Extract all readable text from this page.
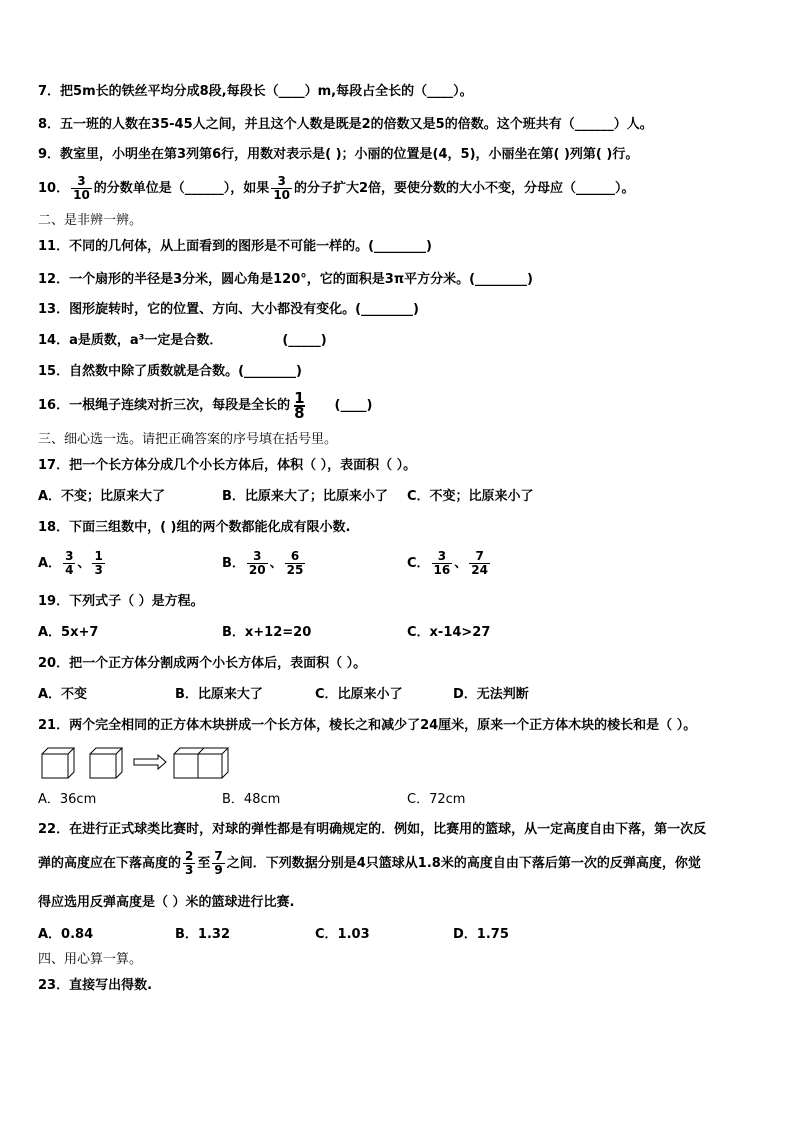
7．把5m长的铁丝平均分成8段,每段长（____）m,每段占全长的（____）。
8．五一班的人数在35-45人之间，并且这个人数是既是2的倍数又是5的倍数。这个班共有（______）人。
9．教室里，小明坐在第3列第6行，用数对表示是( )；小丽的位置是(4，5)，小丽坐在第( )列第( )行。
10． $\frac{3}{10}$ 的分数单位是（______），如果 $\frac{3}{10}$ 的分子扩大2倍，要使分数的大小不变，分母应（______）。
二、是非辨一辨。
11．不同的几何体，从上面看到的图形是不可能一样的。(________)
12．一个扇形的半径是3分米，圆心角是120°，它的面积是3π平方分米。(________)
13．图形旋转时，它的位置、方向、大小都没有变化。(________)
14．a是质数，a³一定是合数．	(_____)
15．自然数中除了质数就是合数。(________)
16．一根绳子连续对折三次，每段是全长的 $\frac{1}{8}$ (____)
三、细心选一选。请把正确答案的序号填在括号里。
17．把一个长方体分成几个小长方体后，体积（ ），表面积（ ）。
A．不变；比原来大了	B．比原来大了；比原来小了 C．不变；比原来小了
18．下面三组数中，( )组的两个数都能化成有限小数.
A． $\frac{3}{4}$ 、 $\frac{1}{3}$	B． $\frac{3}{20}$ 、 $\frac{6}{25}$	C． $\frac{3}{16}$ 、 $\frac{7}{24}$
19．下列式子（ ）是方程。
A．5x+7	B．x+12=20	C．x-14>27
20．把一个正方体分割成两个小长方体后，表面积（ ）。
A．不变	B．比原来大了	C．比原来小了	D．无法判断
21．两个完全相同的正方体木块拼成一个长方体，棱长之和减少了24厘米，原来一个正方体木块的棱长和是（ ）。
A．36cm	B．48cm	C．72cm
22．在进行正式球类比赛时，对球的弹性都是有明确规定的．例如，比赛用的篮球，从一定高度自由下落，第一次反
弹的高度应在下落高度的 $\frac{2}{3}$ 至 $\frac{7}{9}$ 之间．下列数据分别是4只篮球从1.8米的高度自由下落后第一次的反弹高度，你觉
得应选用反弹高度是（ ）米的篮球进行比赛.
A．0.84	B．1.32	C．1.03	D．1.75
四、用心算一算。
23．直接写出得数.
